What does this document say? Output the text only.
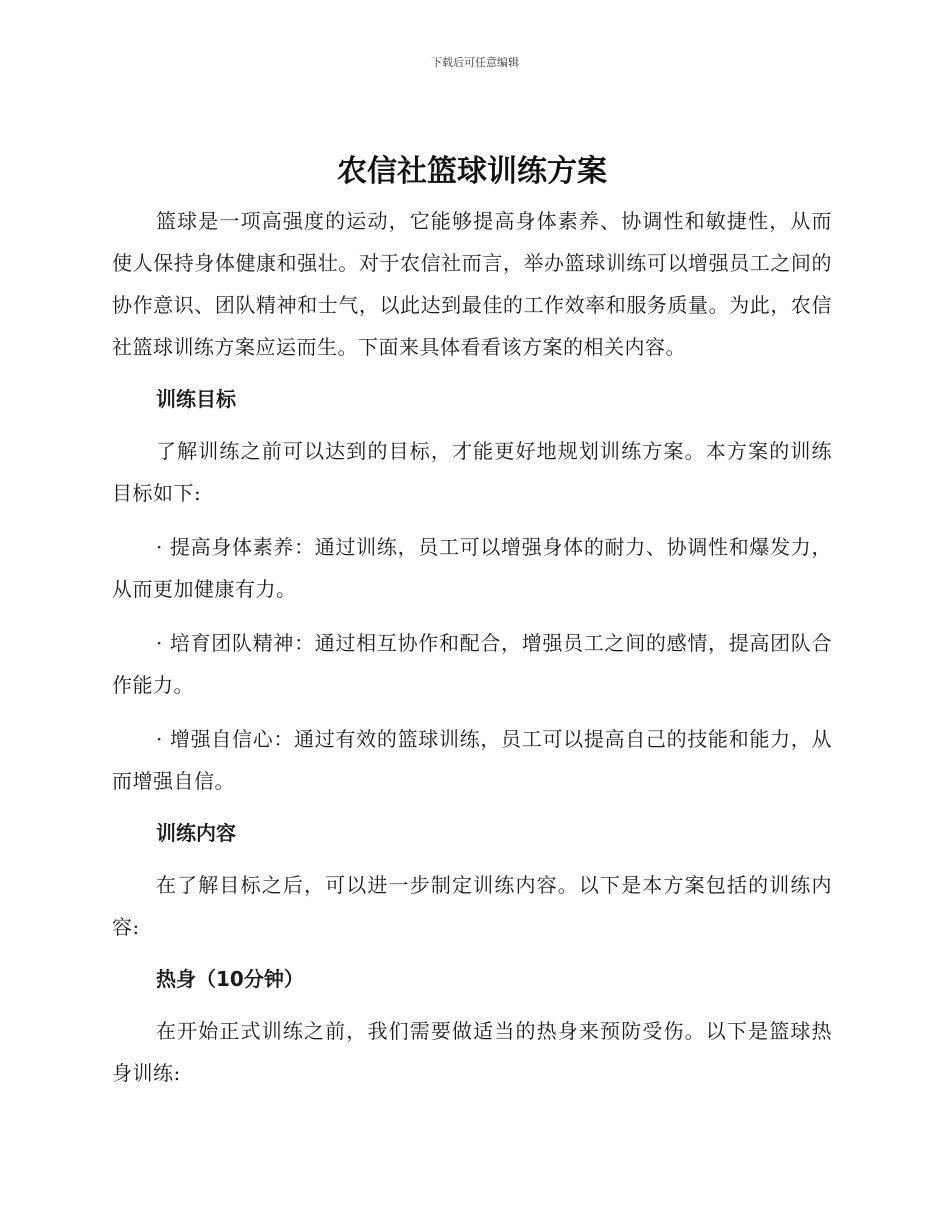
下载后可任意编辑
农信社篮球训练方案

篮球是一项高强度的运动，它能够提高身体素养、协调性和敏捷性，从而使人保持身体健康和强壮。对于农信社而言，举办篮球训练可以增强员工之间的协作意识、团队精神和士气，以此达到最佳的工作效率和服务质量。为此，农信社篮球训练方案应运而生。下面来具体看看该方案的相关内容。

训练目标

了解训练之前可以达到的目标，才能更好地规划训练方案。本方案的训练目标如下:

· 提高身体素养：通过训练，员工可以增强身体的耐力、协调性和爆发力，从而更加健康有力。

· 培育团队精神：通过相互协作和配合，增强员工之间的感情，提高团队合作能力。

· 增强自信心：通过有效的篮球训练，员工可以提高自己的技能和能力，从而增强自信。

训练内容

在了解目标之后，可以进一步制定训练内容。以下是本方案包括的训练内容:

热身（10分钟）

在开始正式训练之前，我们需要做适当的热身来预防受伤。以下是篮球热身训练:
